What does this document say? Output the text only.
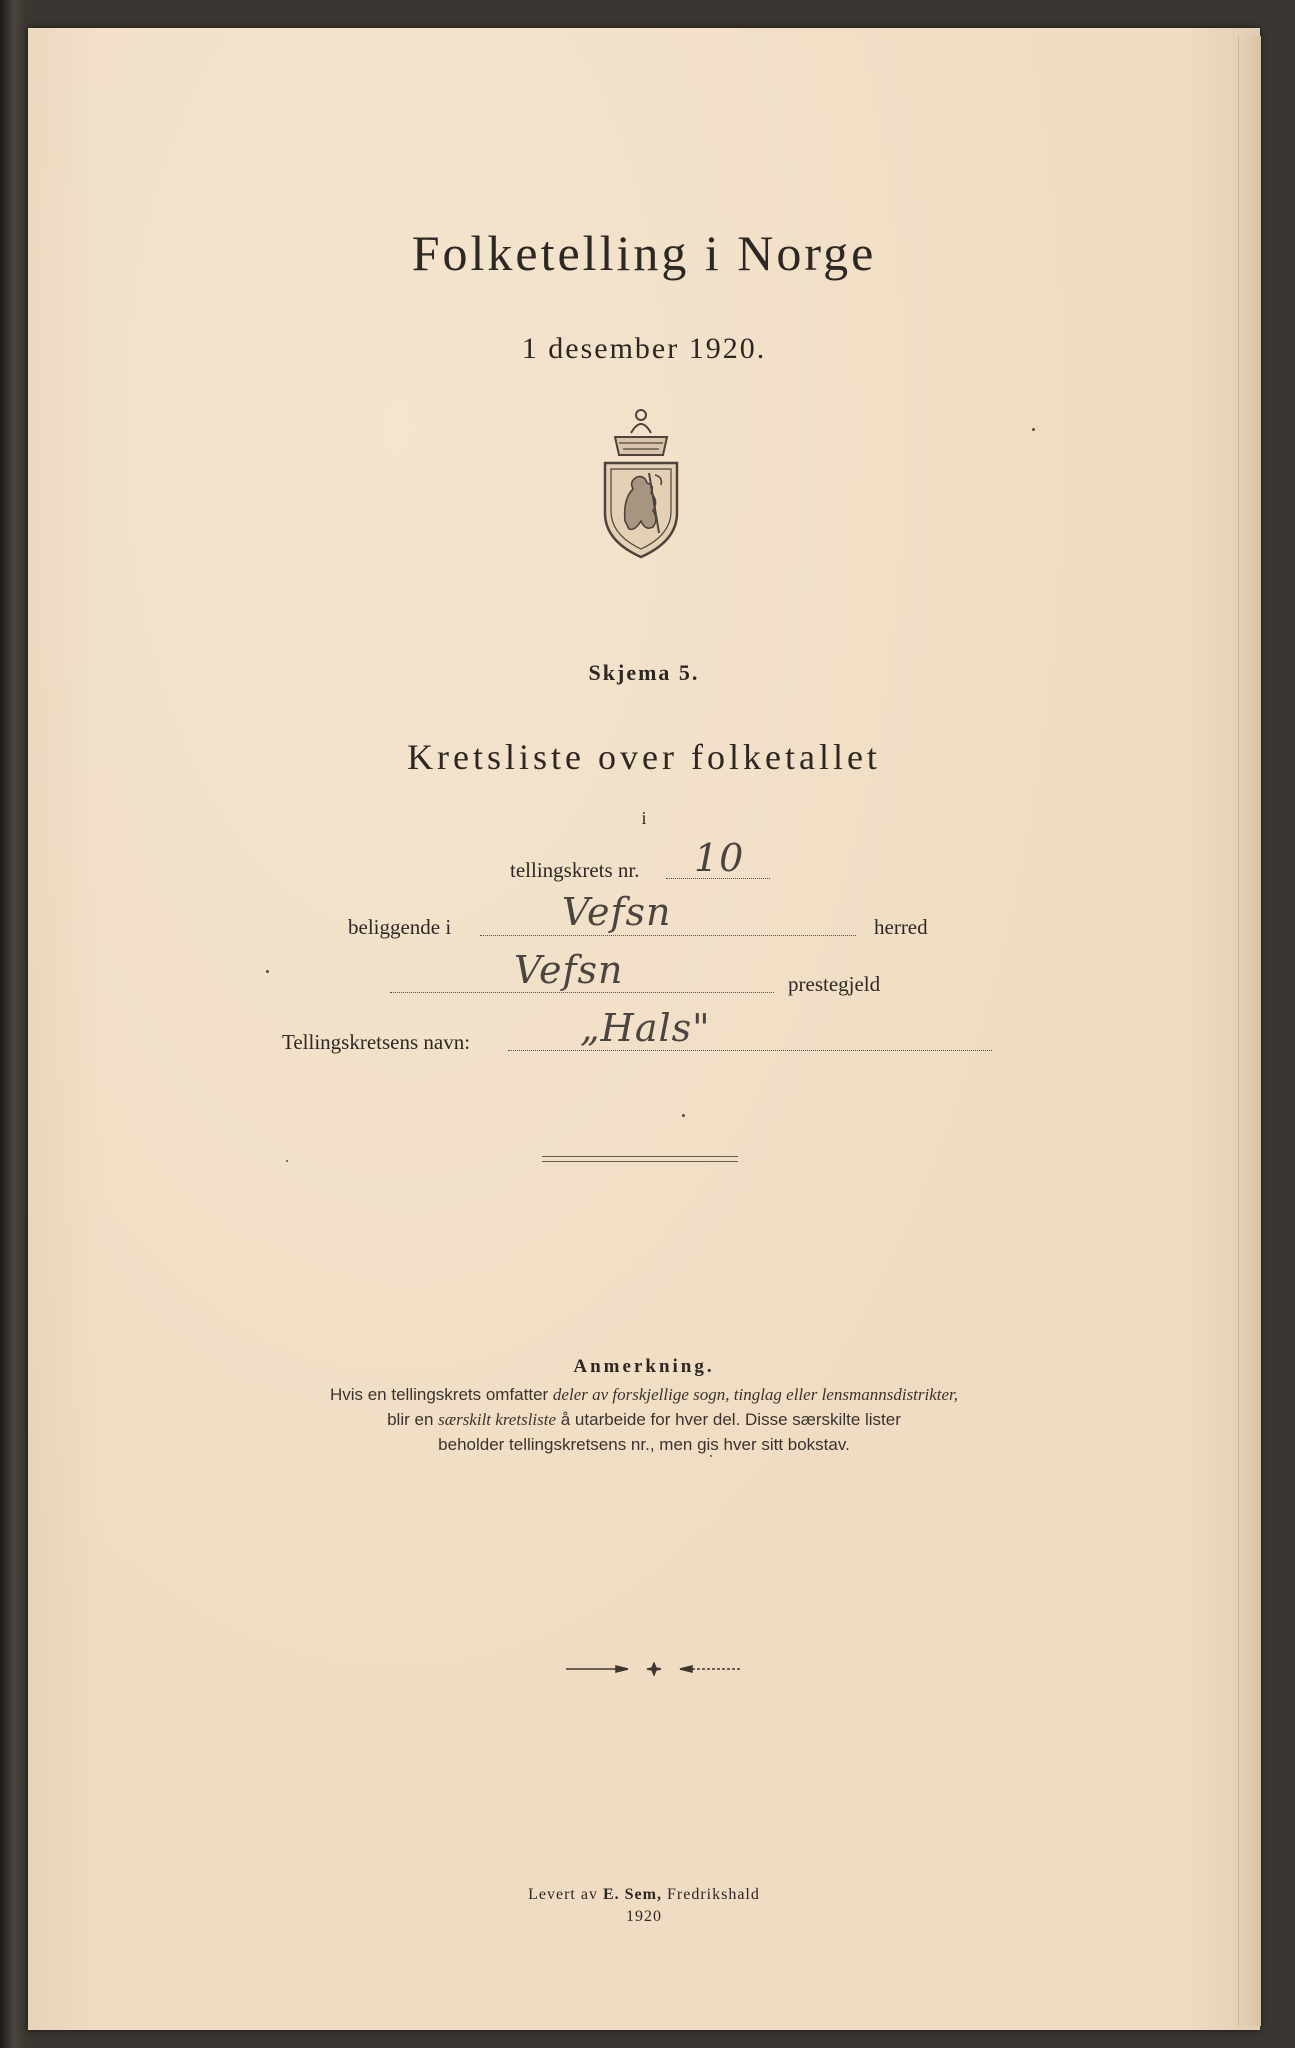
Folketelling i Norge
1 desember 1920.
Skjema 5.
Kretsliste over folketallet
i
tellingskrets nr. 10
beliggende i	Vefsn	herred
Vefsn	prestegjeld
Tellingskretsens navn:	„Hals"
Anmerkning.
Hvis en tellingskrets omfatter deler av forskjellige sogn, tinglag eller lensmannsdistrikter,
blir en særskilt kretsliste å utarbeide for hver del. Disse særskilte lister
beholder tellingskretsens nr., men gis hver sitt bokstav.
Levert av E. Sem, Fredrikshald
1920
